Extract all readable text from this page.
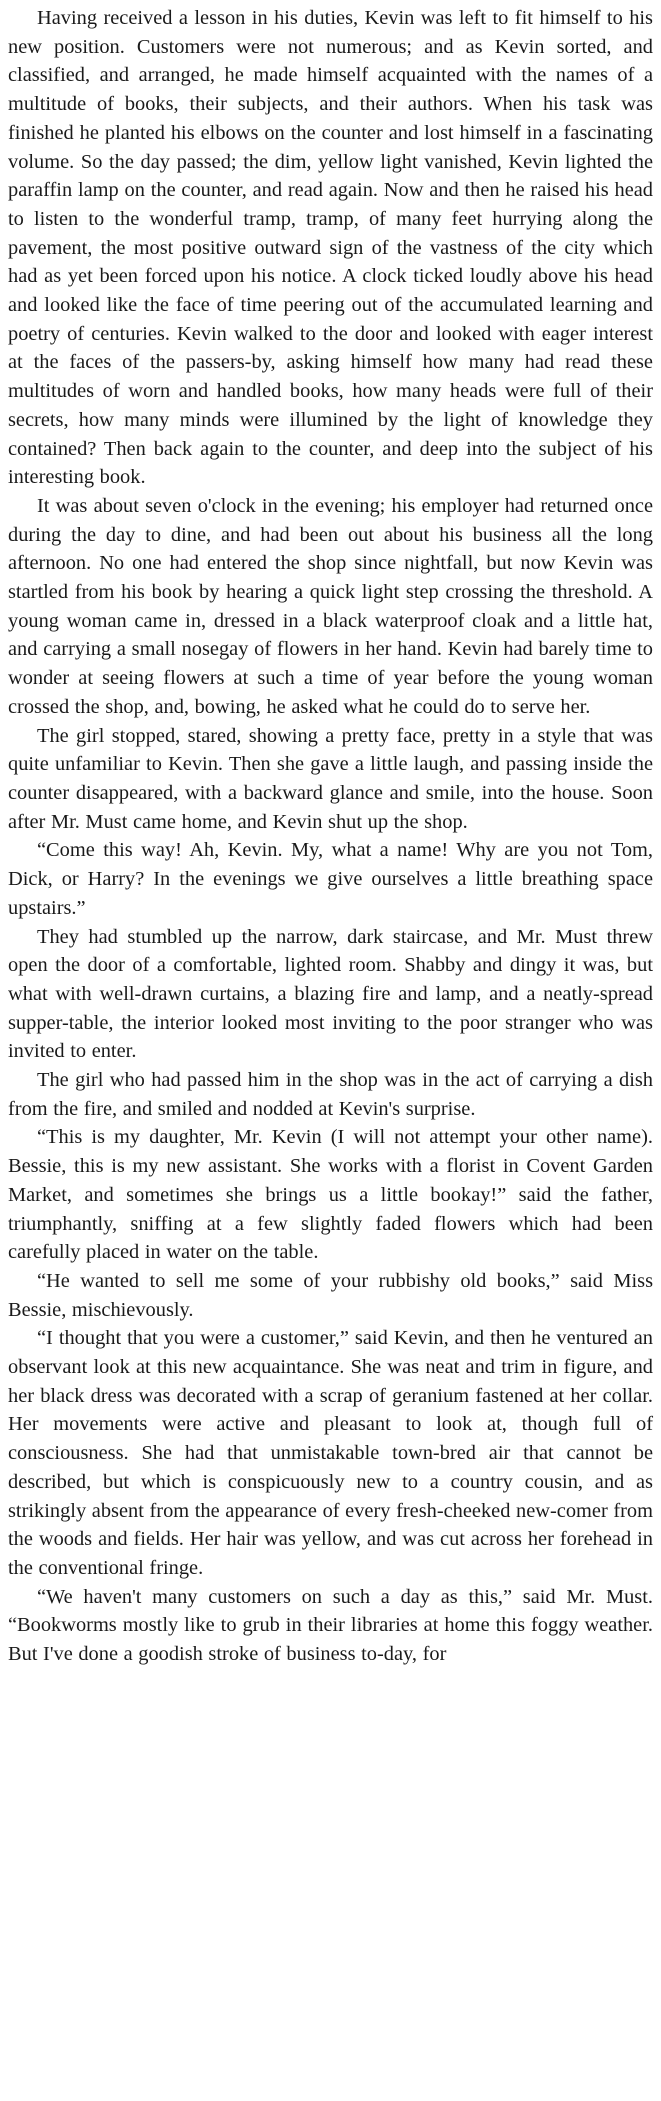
Having received a lesson in his duties, Kevin was left to fit himself to his new position. Customers were not numerous; and as Kevin sorted, and classified, and arranged, he made himself acquainted with the names of a multitude of books, their subjects, and their authors. When his task was finished he planted his elbows on the counter and lost himself in a fascinating volume. So the day passed; the dim, yellow light vanished, Kevin lighted the paraffin lamp on the counter, and read again. Now and then he raised his head to listen to the wonderful tramp, tramp, of many feet hurrying along the pavement, the most positive outward sign of the vastness of the city which had as yet been forced upon his notice. A clock ticked loudly above his head and looked like the face of time peering out of the accumulated learning and poetry of centuries. Kevin walked to the door and looked with eager interest at the faces of the passers-by, asking himself how many had read these multitudes of worn and handled books, how many heads were full of their secrets, how many minds were illumined by the light of knowledge they contained? Then back again to the counter, and deep into the subject of his interesting book.

It was about seven o'clock in the evening; his employer had returned once during the day to dine, and had been out about his business all the long afternoon. No one had entered the shop since nightfall, but now Kevin was startled from his book by hearing a quick light step crossing the threshold. A young woman came in, dressed in a black waterproof cloak and a little hat, and carrying a small nosegay of flowers in her hand. Kevin had barely time to wonder at seeing flowers at such a time of year before the young woman crossed the shop, and, bowing, he asked what he could do to serve her.

The girl stopped, stared, showing a pretty face, pretty in a style that was quite unfamiliar to Kevin. Then she gave a little laugh, and passing inside the counter disappeared, with a backward glance and smile, into the house. Soon after Mr. Must came home, and Kevin shut up the shop.

“Come this way! Ah, Kevin. My, what a name! Why are you not Tom, Dick, or Harry? In the evenings we give ourselves a little breathing space upstairs.”

They had stumbled up the narrow, dark staircase, and Mr. Must threw open the door of a comfortable, lighted room. Shabby and dingy it was, but what with well-drawn curtains, a blazing fire and lamp, and a neatly-spread supper-table, the interior looked most inviting to the poor stranger who was invited to enter.

The girl who had passed him in the shop was in the act of carrying a dish from the fire, and smiled and nodded at Kevin's surprise.

“This is my daughter, Mr. Kevin (I will not attempt your other name). Bessie, this is my new assistant. She works with a florist in Covent Garden Market, and sometimes she brings us a little bookay!” said the father, triumphantly, sniffing at a few slightly faded flowers which had been carefully placed in water on the table.

“He wanted to sell me some of your rubbishy old books,” said Miss Bessie, mischievously.

“I thought that you were a customer,” said Kevin, and then he ventured an observant look at this new acquaintance. She was neat and trim in figure, and her black dress was decorated with a scrap of geranium fastened at her collar. Her movements were active and pleasant to look at, though full of consciousness. She had that unmistakable town-bred air that cannot be described, but which is conspicuously new to a country cousin, and as strikingly absent from the appearance of every fresh-cheeked new-comer from the woods and fields. Her hair was yellow, and was cut across her forehead in the conventional fringe.

“We haven't many customers on such a day as this,” said Mr. Must. “Bookworms mostly like to grub in their libraries at home this foggy weather. But I've done a goodish stroke of business to-day, for
